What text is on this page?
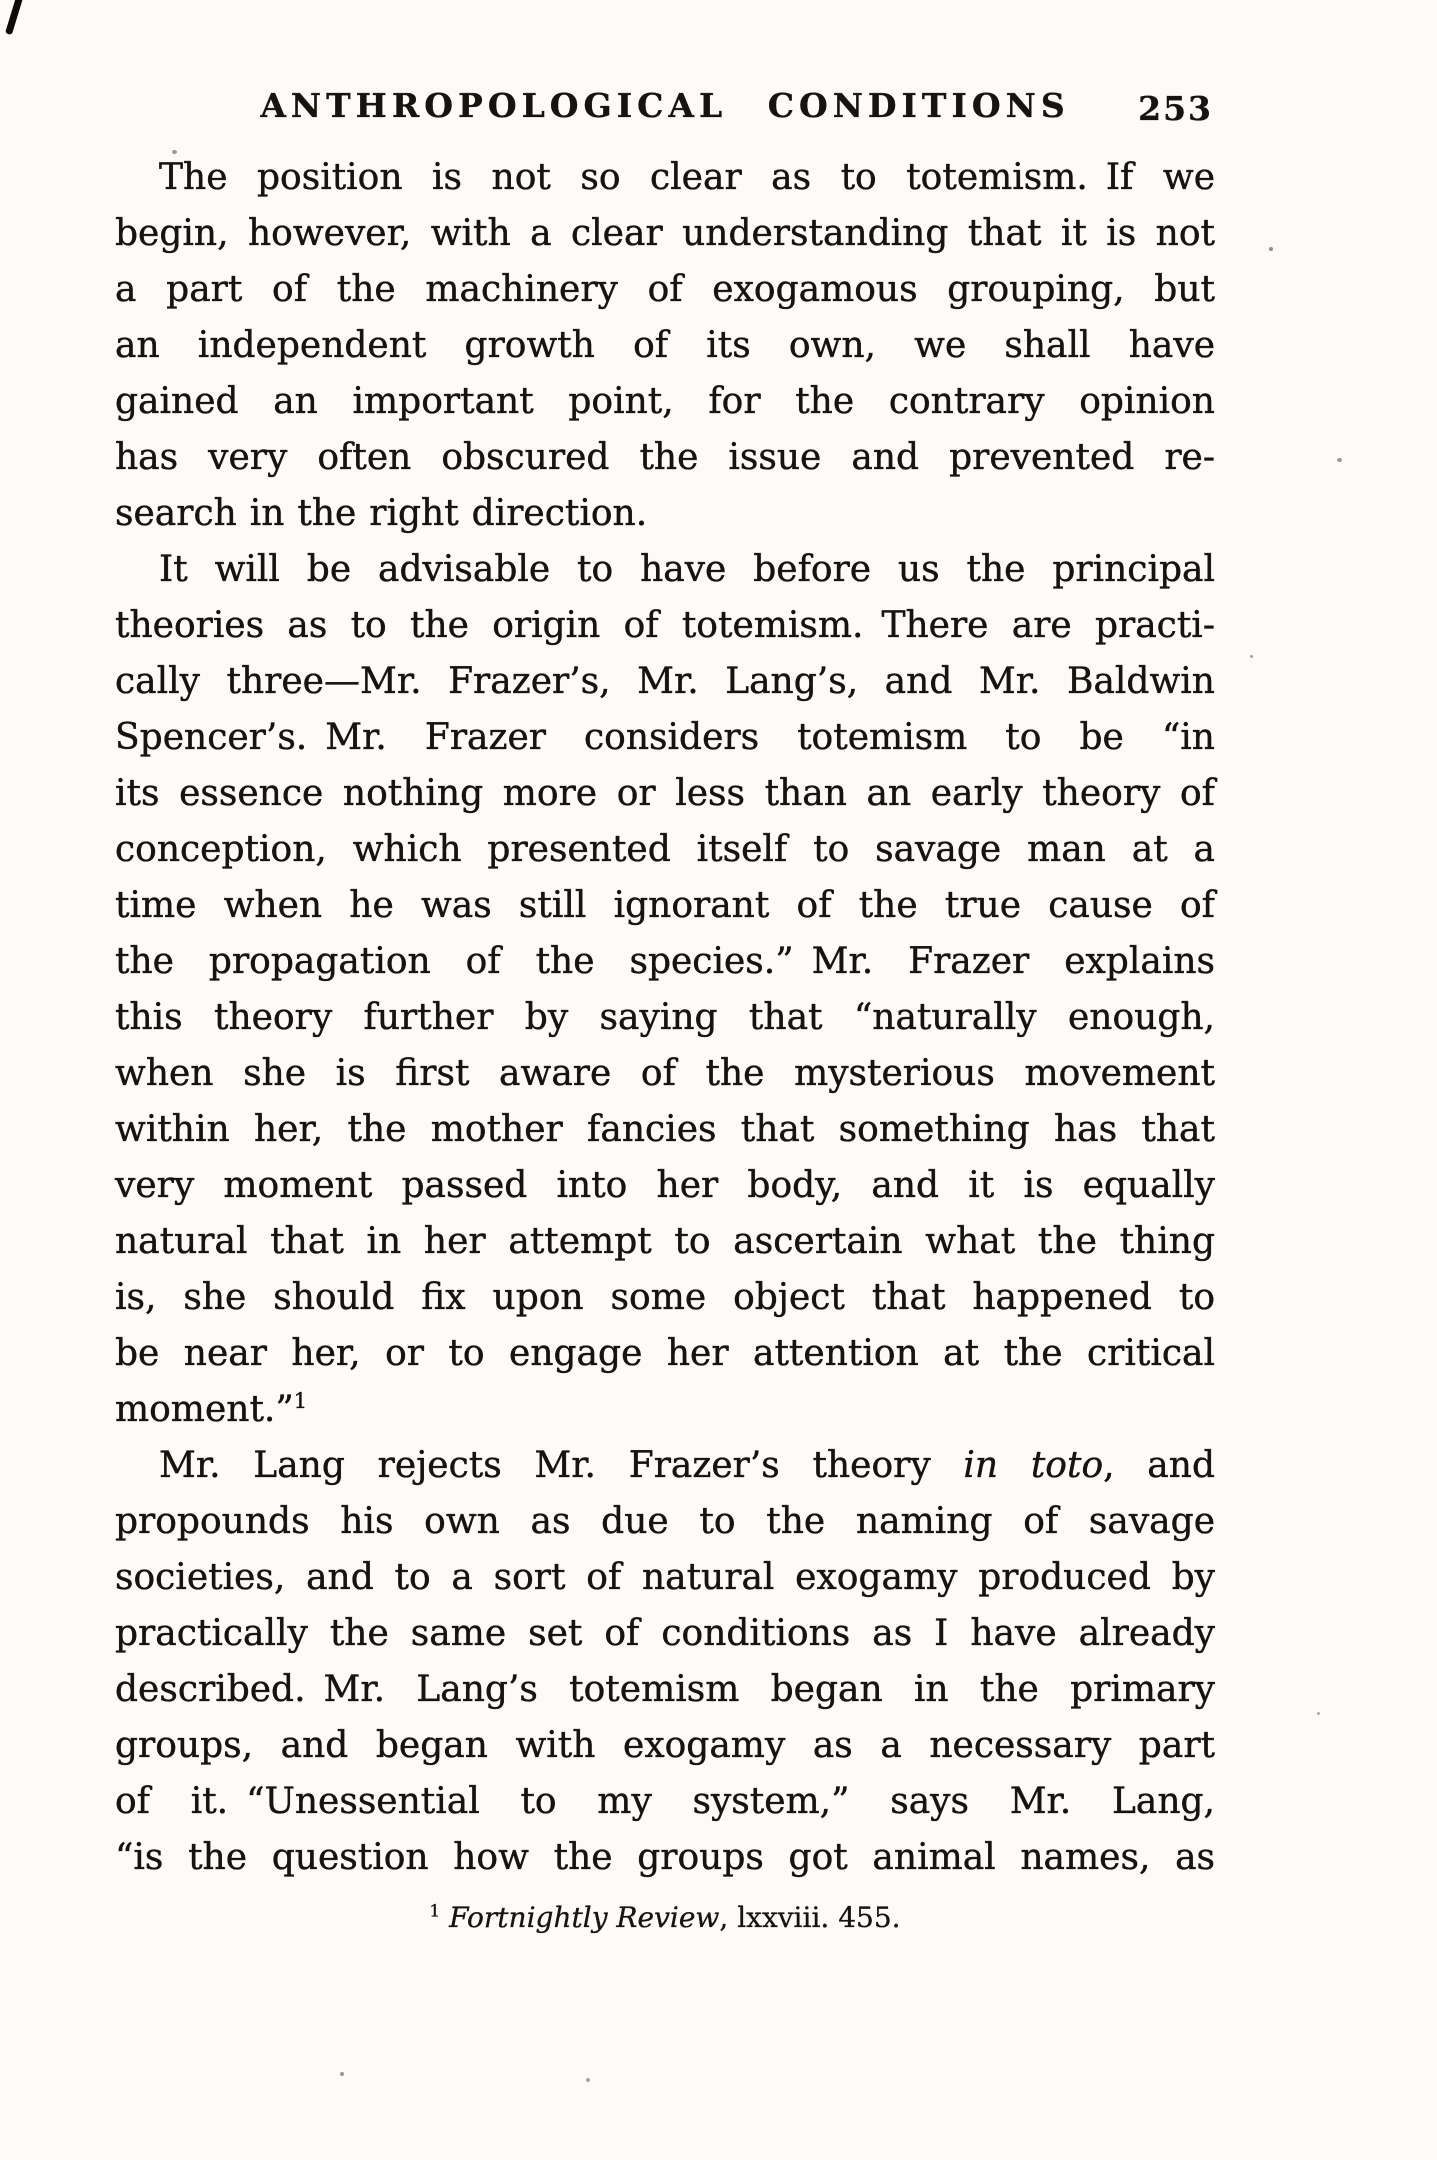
ANTHROPOLOGICAL CONDITIONS	253
The position is not so clear as to totemism. If we
begin, however, with a clear understanding that it is not
a part of the machinery of exogamous grouping, but
an independent growth of its own, we shall have
gained an important point, for the contrary opinion
has very often obscured the issue and prevented re-
search in the right direction.
It will be advisable to have before us the principal
theories as to the origin of totemism. There are practi-
cally three—Mr. Frazer’s, Mr. Lang’s, and Mr. Baldwin
Spencer’s. Mr. Frazer considers totemism to be “in
its essence nothing more or less than an early theory of
conception, which presented itself to savage man at a
time when he was still ignorant of the true cause of
the propagation of the species.” Mr. Frazer explains
this theory further by saying that “naturally enough,
when she is first aware of the mysterious movement
within her, the mother fancies that something has that
very moment passed into her body, and it is equally
natural that in her attempt to ascertain what the thing
is, she should fix upon some object that happened to
be near her, or to engage her attention at the critical
moment.”$^1$
Mr. Lang rejects Mr. Frazer’s theory in toto, and
propounds his own as due to the naming of savage
societies, and to a sort of natural exogamy produced by
practically the same set of conditions as I have already
described. Mr. Lang’s totemism began in the primary
groups, and began with exogamy as a necessary part
of it. “Unessential to my system,” says Mr. Lang,
“is the question how the groups got animal names, as
$^1$ Fortnightly Review, lxxviii. 455.
